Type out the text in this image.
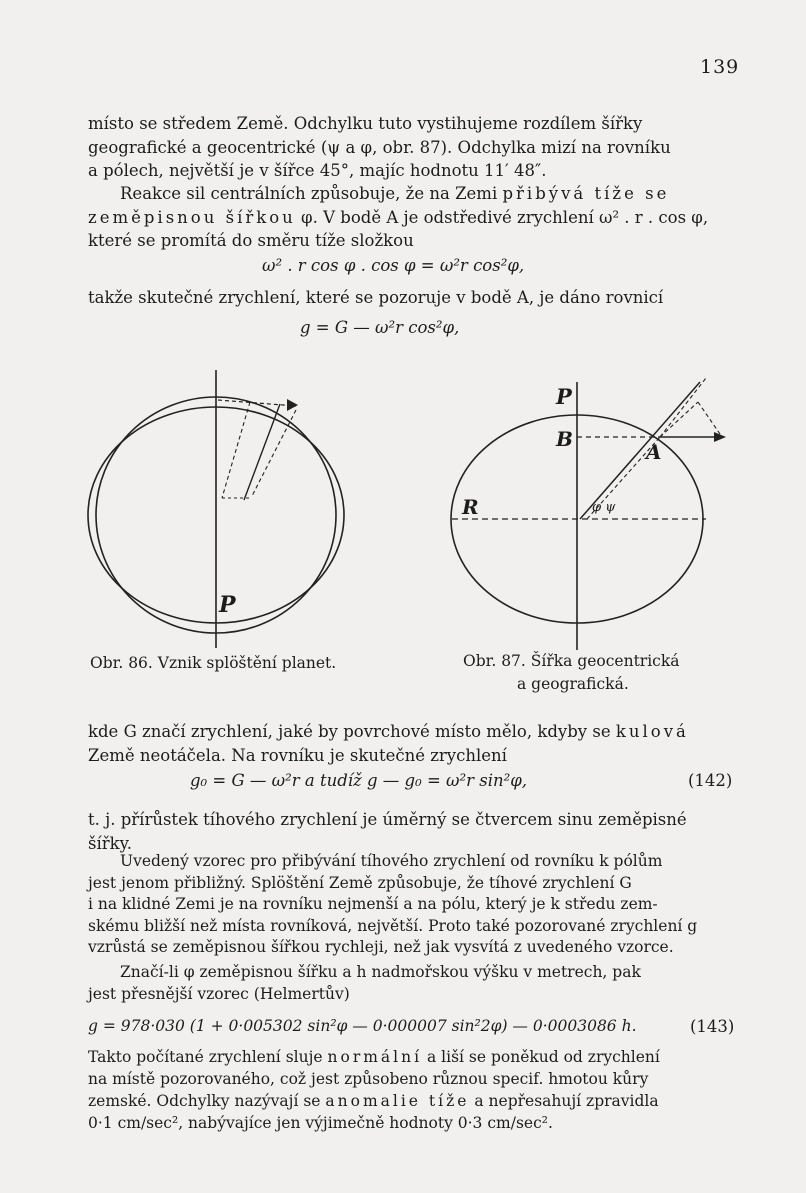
139

místo se středem Země. Odchylku tuto vystihujeme rozdílem šířky

geografické a geocentrické (ψ a φ, obr. 87). Odchylka mizí na rovníku

a pólech, největší je v šířce 45°, majíc hodnotu 11′ 48″.

Reakce sil centrálních způsobuje, že na Zemi přibývá tíže se

zeměpisnou šířkou φ. V bodě A je odstředivé zrychlení ω² . r . cos φ,

které se promítá do směru tíže složkou

ω² . r cos φ . cos φ = ω²r cos²φ,

takže skutečné zrychlení, které se pozoruje v bodě A, je dáno rovnicí

g = G — ω²r cos²φ,
P
Obr. 86. Vznik splöštění planet.
P
B
A
R	φ ψ
Obr. 87. Šířka geocentrická
a geografická.

kde G značí zrychlení, jaké by povrchové místo mělo, kdyby se kulová

Země neotáčela. Na rovníku je skutečné zrychlení

g₀ = G — ω²r a tudíž g — g₀ = ω²r sin²φ,	(142)

t. j. přírůstek tíhového zrychlení je úměrný se čtvercem sinu zeměpisné

šířky.

Uvedený vzorec pro přibývání tíhového zrychlení od rovníku k pólům

jest jenom přibližný. Splöštění Země způsobuje, že tíhové zrychlení G

i na klidné Zemi je na rovníku nejmenší a na pólu, který je k středu zem-

skému bližší než místa rovníková, největší. Proto také pozorované zrychlení g

vzrůstá se zeměpisnou šířkou rychleji, než jak vysvítá z uvedeného vzorce.

Značí-li φ zeměpisnou šířku a h nadmořskou výšku v metrech, pak

jest přesnější vzorec (Helmertův)

g = 978·030 (1 + 0·005302 sin²φ — 0·000007 sin²2φ) — 0·0003086 h.	(143)

Takto počítané zrychlení sluje normální a liší se poněkud od zrychlení

na místě pozorovaného, což jest způsobeno různou specif. hmotou kůry

zemské. Odchylky nazývají se anomalie tíže a nepřesahují zpravidla

0·1 cm/sec², nabývajíce jen výjimečně hodnoty 0·3 cm/sec².
